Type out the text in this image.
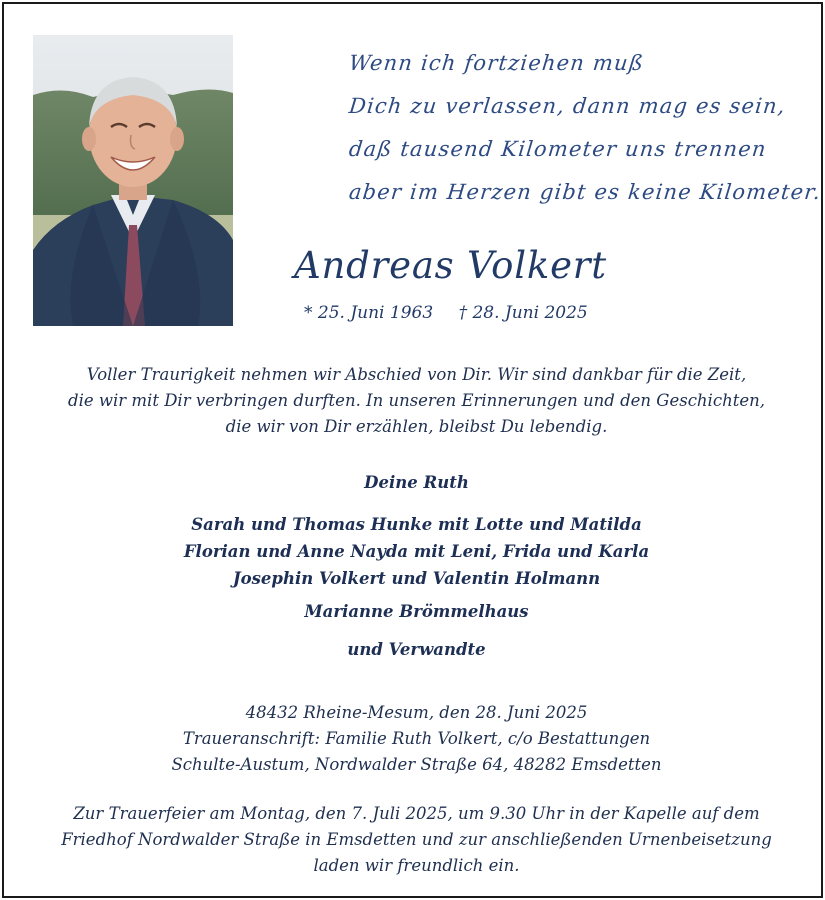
Wenn ich fortziehen muß
Dich zu verlassen, dann mag es sein,
daß tausend Kilometer uns trennen
aber im Herzen gibt es keine Kilometer.
Andreas Volkert
* 25. Juni 1963 † 28. Juni 2025
Voller Traurigkeit nehmen wir Abschied von Dir. Wir sind dankbar für die Zeit,
die wir mit Dir verbringen durften. In unseren Erinnerungen und den Geschichten,
die wir von Dir erzählen, bleibst Du lebendig.
Deine Ruth
Sarah und Thomas Hunke mit Lotte und Matilda
Florian und Anne Nayda mit Leni, Frida und Karla
Josephin Volkert und Valentin Holmann
Marianne Brömmelhaus
und Verwandte
48432 Rheine-Mesum, den 28. Juni 2025
Traueranschrift: Familie Ruth Volkert, c/o Bestattungen
Schulte-Austum, Nordwalder Straße 64, 48282 Emsdetten
Zur Trauerfeier am Montag, den 7. Juli 2025, um 9.30 Uhr in der Kapelle auf dem
Friedhof Nordwalder Straße in Emsdetten und zur anschließenden Urnenbeisetzung
laden wir freundlich ein.
